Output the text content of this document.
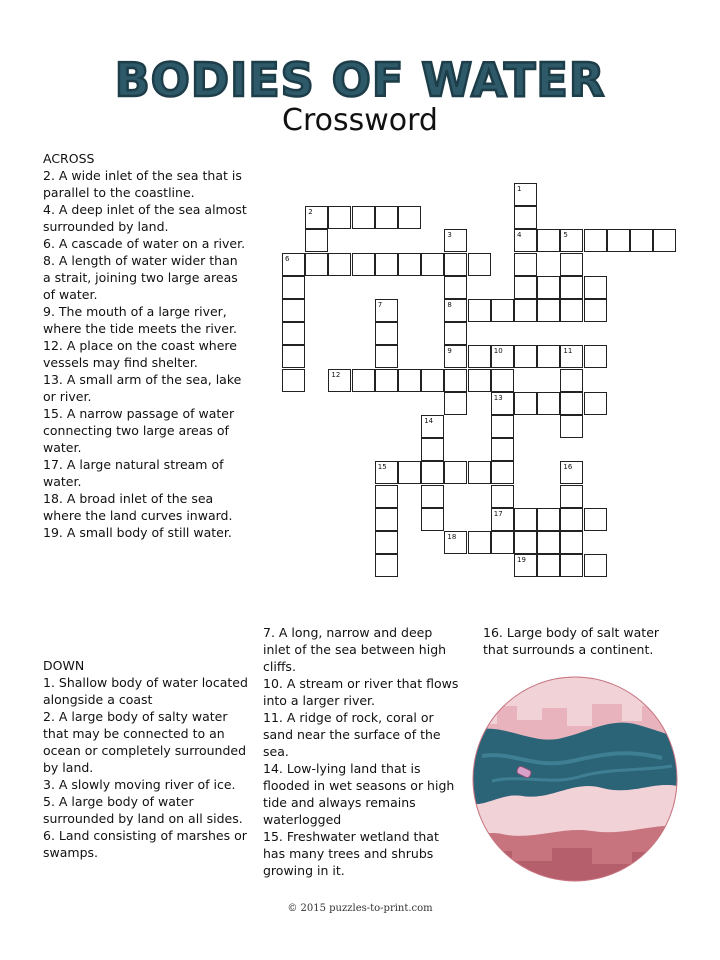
BODIES OF WATER
Crossword
ACROSS
2. A wide inlet of the sea that is parallel to the coastline.
4. A deep inlet of the sea almost surrounded by land.
6. A cascade of water on a river.
8. A length of water wider than a strait, joining two large areas of water.
9. The mouth of a large river, where the tide meets the river.
12. A place on the coast where vessels may find shelter.
13. A small arm of the sea, lake or river.
15. A narrow passage of water connecting two large areas of water.
17. A large natural stream of water.
18. A broad inlet of the sea where the land curves inward.
19. A small body of still water.
DOWN
1. Shallow body of water located alongside a coast
2. A large body of salty water that may be connected to an ocean or completely surrounded by land.
3. A slowly moving river of ice.
5. A large body of water surrounded by land on all sides.
6. Land consisting of marshes or swamps.
7. A long, narrow and deep inlet of the sea between high cliffs.
10. A stream or river that flows into a larger river.
11. A ridge of rock, coral or sand near the surface of the sea.
14. Low-lying land that is flooded in wet seasons or high tide and always remains waterlogged
15. Freshwater wetland that has many trees and shrubs growing in it.
16. Large body of salt water that surrounds a continent.
4	5
2
6
8
9	10	11
12
13
15
17
18
19
1
3
7
14
16
© 2015 puzzles-to-print.com
